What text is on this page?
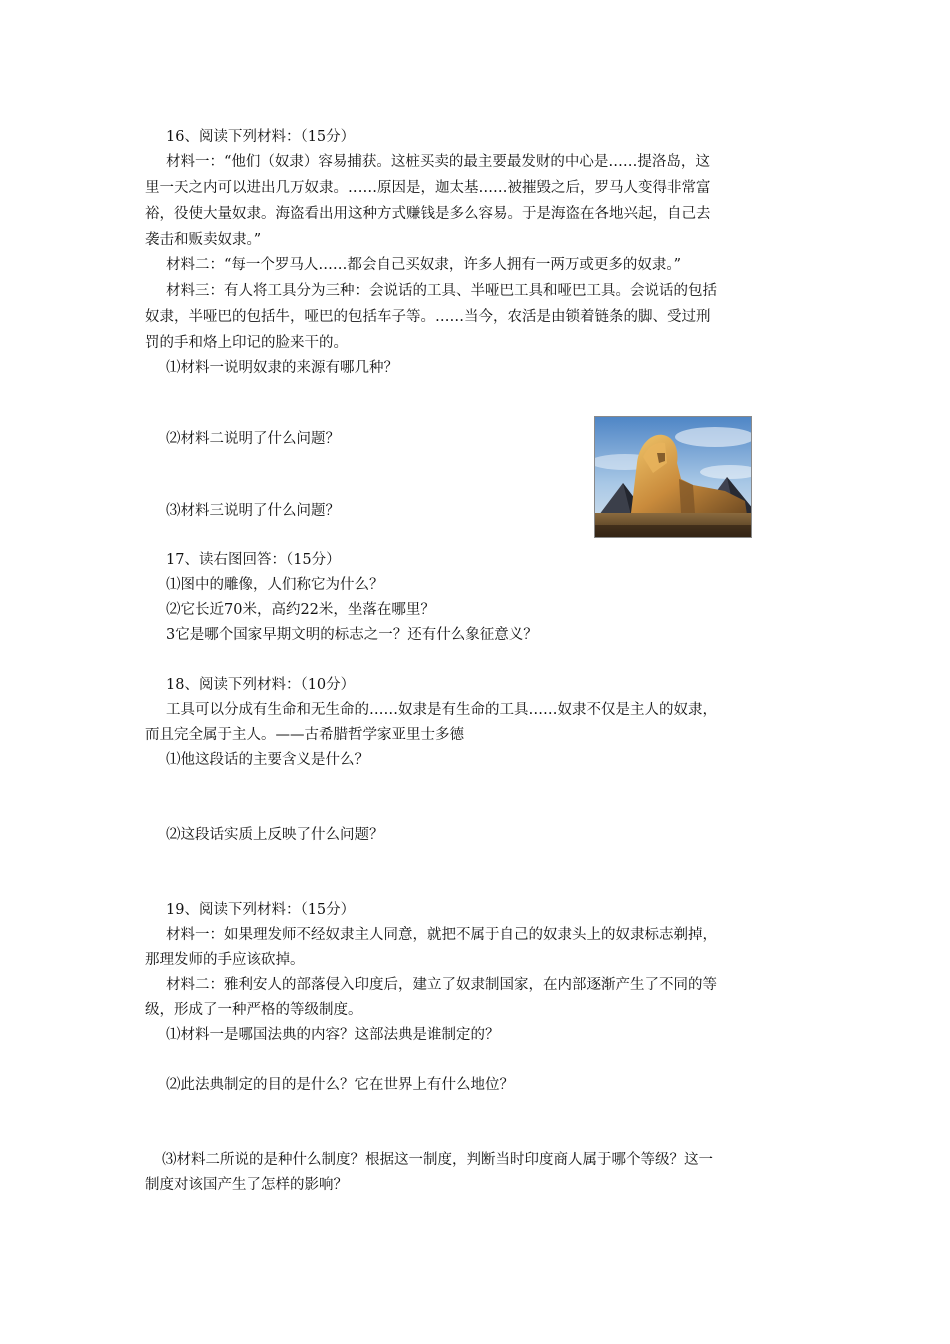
16、阅读下列材料：（15分）

材料一：“他们（奴隶）容易捕获。这桩买卖的最主要最发财的中心是……提洛岛，这

里一天之内可以进出几万奴隶。……原因是，迦太基……被摧毁之后，罗马人变得非常富

裕，役使大量奴隶。海盗看出用这种方式赚钱是多么容易。于是海盗在各地兴起，自己去

袭击和贩卖奴隶。”

材料二：“每一个罗马人……都会自己买奴隶，许多人拥有一两万或更多的奴隶。”

材料三：有人将工具分为三种：会说话的工具、半哑巴工具和哑巴工具。会说话的包括

奴隶，半哑巴的包括牛，哑巴的包括车子等。……当今，农活是由锁着链条的脚、受过刑

罚的手和烙上印记的脸来干的。

⑴材料一说明奴隶的来源有哪几种？

⑵材料二说明了什么问题？

⑶材料三说明了什么问题？

17、读右图回答：（15分）

⑴图中的雕像，人们称它为什么？

⑵它长近70米，高约22米，坐落在哪里？

3它是哪个国家早期文明的标志之一？还有什么象征意义？

18、阅读下列材料：（10分）

工具可以分成有生命和无生命的……奴隶是有生命的工具……奴隶不仅是主人的奴隶，

而且完全属于主人。——古希腊哲学家亚里士多德

⑴他这段话的主要含义是什么？

⑵这段话实质上反映了什么问题？

19、阅读下列材料：（15分）

材料一：如果理发师不经奴隶主人同意，就把不属于自己的奴隶头上的奴隶标志剃掉，

那理发师的手应该砍掉。

材料二：雅利安人的部落侵入印度后，建立了奴隶制国家，在内部逐渐产生了不同的等

级，形成了一种严格的等级制度。

⑴材料一是哪国法典的内容？这部法典是谁制定的？

⑵此法典制定的目的是什么？它在世界上有什么地位？

⑶材料二所说的是种什么制度？根据这一制度，判断当时印度商人属于哪个等级？这一

制度对该国产生了怎样的影响？
